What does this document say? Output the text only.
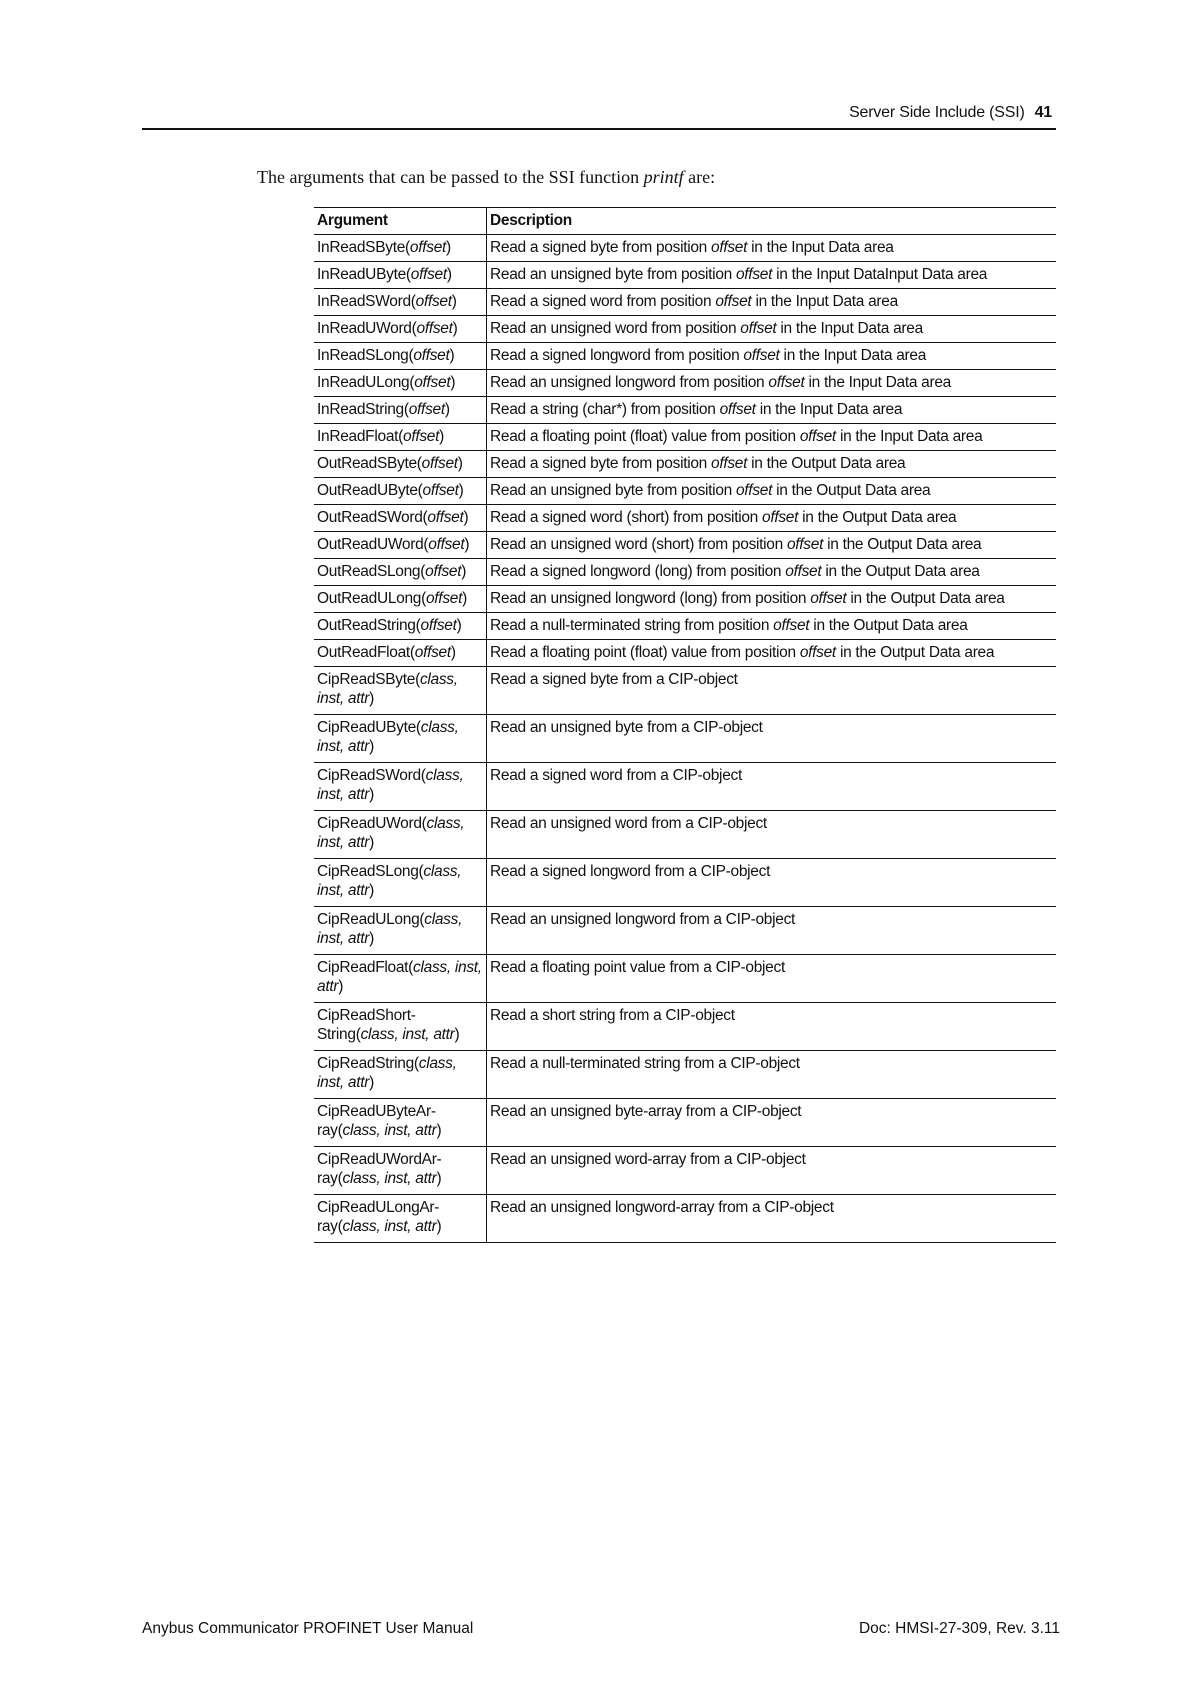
Server Side Include (SSI) 41
The arguments that can be passed to the SSI function printf are:
Argument	Description
InReadSByte(offset)	Read a signed byte from position offset in the Input Data area
InReadUByte(offset)	Read an unsigned byte from position offset in the Input DataInput Data area
InReadSWord(offset)	Read a signed word from position offset in the Input Data area
InReadUWord(offset)	Read an unsigned word from position offset in the Input Data area
InReadSLong(offset)	Read a signed longword from position offset in the Input Data area
InReadULong(offset)	Read an unsigned longword from position offset in the Input Data area
InReadString(offset)	Read a string (char*) from position offset in the Input Data area
InReadFloat(offset)	Read a floating point (float) value from position offset in the Input Data area
OutReadSByte(offset)	Read a signed byte from position offset in the Output Data area
OutReadUByte(offset)	Read an unsigned byte from position offset in the Output Data area
OutReadSWord(offset)	Read a signed word (short) from position offset in the Output Data area
OutReadUWord(offset)	Read an unsigned word (short) from position offset in the Output Data area
OutReadSLong(offset)	Read a signed longword (long) from position offset in the Output Data area
OutReadULong(offset)	Read an unsigned longword (long) from position offset in the Output Data area
OutReadString(offset)	Read a null-terminated string from position offset in the Output Data area
OutReadFloat(offset)	Read a floating point (float) value from position offset in the Output Data area
CipReadSByte(class, inst, attr)	Read a signed byte from a CIP-object
CipReadUByte(class, inst, attr)	Read an unsigned byte from a CIP-object
CipReadSWord(class, inst, attr)	Read a signed word from a CIP-object
CipReadUWord(class, inst, attr)	Read an unsigned word from a CIP-object
CipReadSLong(class, inst, attr)	Read a signed longword from a CIP-object
CipReadULong(class, inst, attr)	Read an unsigned longword from a CIP-object
CipReadFloat(class, inst, attr)	Read a floating point value from a CIP-object
CipReadShort-String(class, inst, attr)	Read a short string from a CIP-object
CipReadString(class, inst, attr)	Read a null-terminated string from a CIP-object
CipReadUByteAr-ray(class, inst, attr)	Read an unsigned byte-array from a CIP-object
CipReadUWordAr-ray(class, inst, attr)	Read an unsigned word-array from a CIP-object
CipReadULongAr-ray(class, inst, attr)	Read an unsigned longword-array from a CIP-object
Anybus Communicator PROFINET User Manual	Doc: HMSI-27-309, Rev. 3.11
